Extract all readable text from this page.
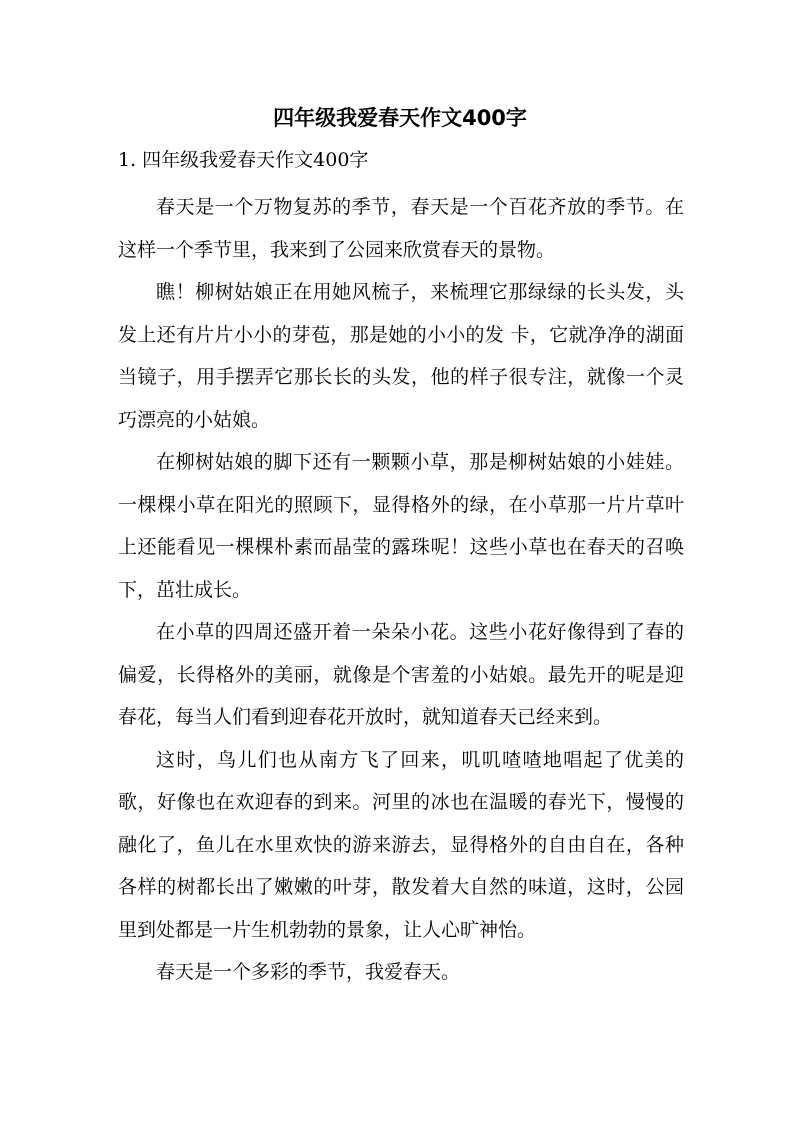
四年级我爱春天作文400字
1. 四年级我爱春天作文400字

春天是一个万物复苏的季节，春天是一个百花齐放的季节。在这样一个季节里，我来到了公园来欣赏春天的景物。

瞧！柳树姑娘正在用她风梳子，来梳理它那绿绿的长头发，头发上还有片片小小的芽苞，那是她的小小的发 卡，它就净净的湖面当镜子，用手摆弄它那长长的头发，他的样子很专注，就像一个灵巧漂亮的小姑娘。

在柳树姑娘的脚下还有一颗颗小草，那是柳树姑娘的小娃娃。一棵棵小草在阳光的照顾下，显得格外的绿，在小草那一片片草叶上还能看见一棵棵朴素而晶莹的露珠呢！这些小草也在春天的召唤下，茁壮成长。

在小草的四周还盛开着一朵朵小花。这些小花好像得到了春的偏爱，长得格外的美丽，就像是个害羞的小姑娘。最先开的呢是迎春花，每当人们看到迎春花开放时，就知道春天已经来到。

这时，鸟儿们也从南方飞了回来，叽叽喳喳地唱起了优美的歌，好像也在欢迎春的到来。河里的冰也在温暖的春光下，慢慢的融化了，鱼儿在水里欢快的游来游去，显得格外的自由自在，各种各样的树都长出了嫩嫩的叶芽，散发着大自然的味道，这时，公园里到处都是一片生机勃勃的景象，让人心旷神怡。

春天是一个多彩的季节，我爱春天。
